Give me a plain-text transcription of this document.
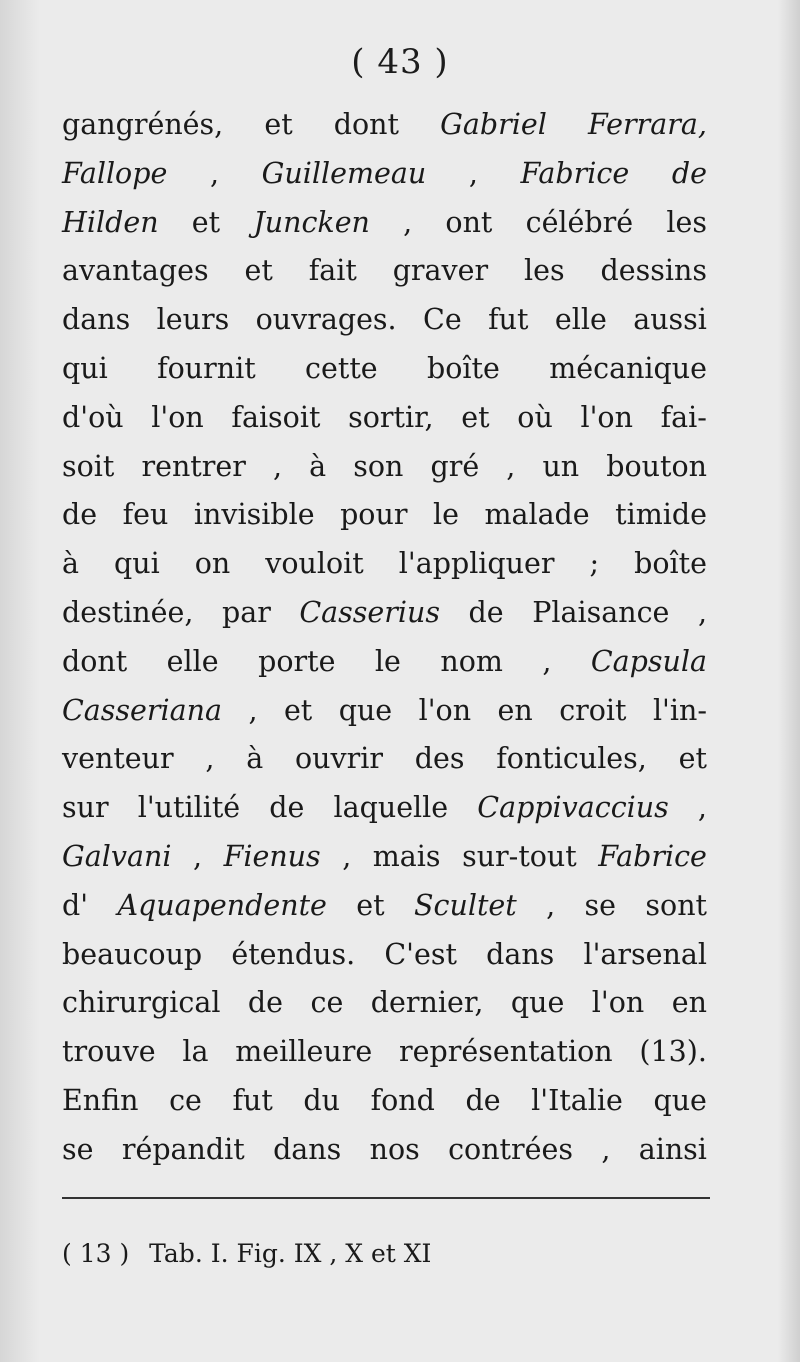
( 43 )
gangrénés, et dont Gabriel Ferrara,
Fallope , Guillemeau , Fabrice de
Hilden et Juncken , ont célébré les
avantages et fait graver les dessins
dans leurs ouvrages. Ce fut elle aussi
qui fournit cette boîte mécanique
d'où l'on faisoit sortir, et où l'on fai-
soit rentrer , à son gré , un bouton
de feu invisible pour le malade timide
à qui on vouloit l'appliquer ; boîte
destinée, par Casserius de Plaisance ,
dont elle porte le nom , Capsula
Casseriana , et que l'on en croit l'in-
venteur , à ouvrir des fonticules, et
sur l'utilité de laquelle Cappivaccius ,
Galvani , Fienus , mais sur-tout Fabrice
d' Aquapendente et Scultet , se sont
beaucoup étendus. C'est dans l'arsenal
chirurgical de ce dernier, que l'on en
trouve la meilleure représentation (13).
Enfin ce fut du fond de l'Italie que
se répandit dans nos contrées , ainsi
( 13 ) Tab. I. Fig. IX , X et XI
